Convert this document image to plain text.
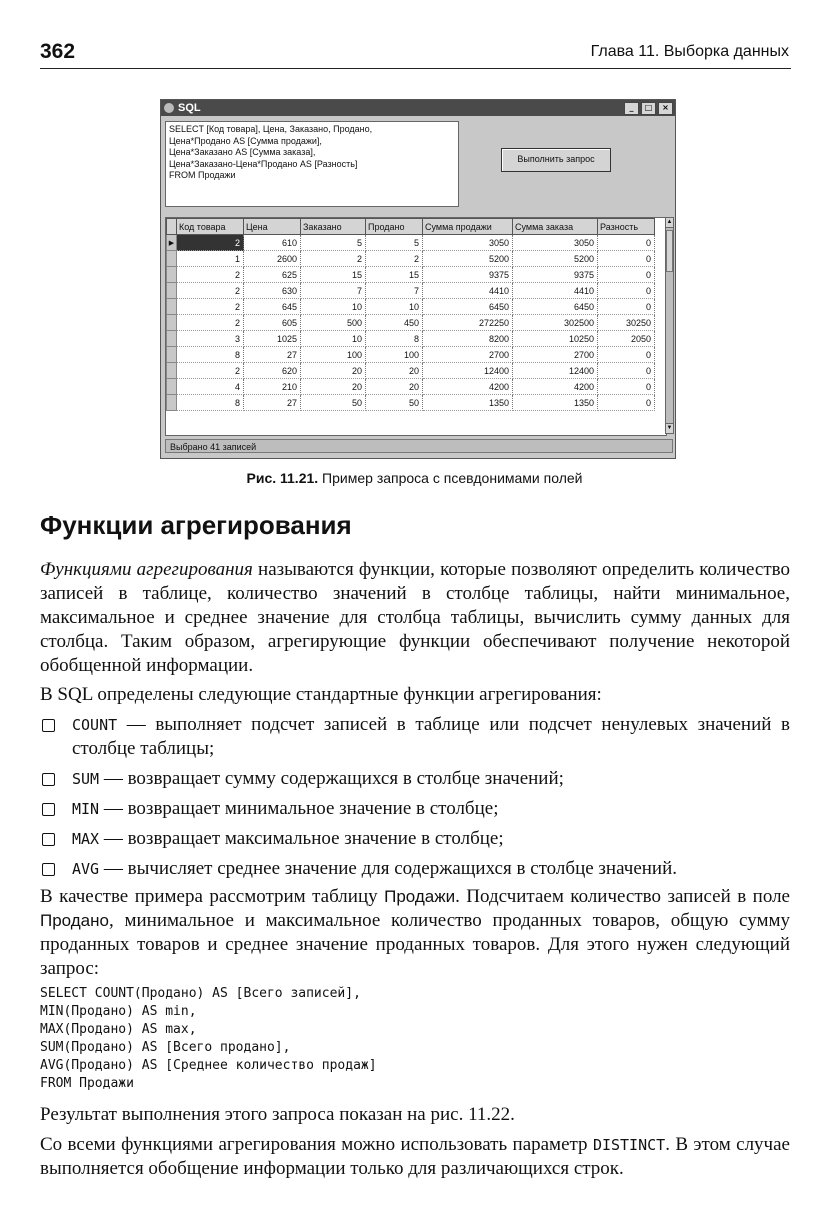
362	Глава 11. Выборка данных
SQL	_	□	×
SELECT [Код товара], Цена, Заказано, Продано,
Цена*Продано AS [Сумма продажи],
Цена*Заказано AS [Сумма заказа],
Цена*Заказано-Цена*Продано AS [Разность]
FROM Продажи
Выполнить запрос
	Код товара	Цена	Заказано	Продано	Сумма продажи	Сумма заказа	Разность
▶	2	610	5	5	3050	3050	0
	1	2600	2	2	5200	5200	0
	2	625	15	15	9375	9375	0
	2	630	7	7	4410	4410	0
	2	645	10	10	6450	6450	0
	2	605	500	450	272250	302500	30250
	3	1025	10	8	8200	10250	2050
	8	27	100	100	2700	2700	0
	2	620	20	20	12400	12400	0
	4	210	20	20	4200	4200	0
	8	27	50	50	1350	1350	0
▲
▼
Выбрано 41 записей
Рис. 11.21. Пример запроса с псевдонимами полей
Функции агрегирования

Функциями агрегирования называются функции, которые позволяют определить количество записей в таблице, количество значений в столбце таблицы, найти минимальное, максимальное и среднее значение для столбца таблицы, вычислить сумму данных для столбца. Таким образом, агрегирующие функции обеспечивают получение некоторой обобщенной информации.

В SQL определены следующие стандартные функции агрегирования:

COUNT — выполняет подсчет записей в таблице или подсчет ненулевых значений в столбце таблицы;
SUM — возвращает сумму содержащихся в столбце значений;
MIN — возвращает минимальное значение в столбце;
MAX — возвращает максимальное значение в столбце;
AVG — вычисляет среднее значение для содержащихся в столбце значений.

В качестве примера рассмотрим таблицу Продажи. Подсчитаем количество записей в поле Продано, минимальное и максимальное количество проданных товаров, общую сумму проданных товаров и среднее значение проданных товаров. Для этого нужен следующий запрос:

SELECT COUNT(Продано) AS [Всего записей],
MIN(Продано) AS min,
MAX(Продано) AS max,
SUM(Продано) AS [Всего продано],
AVG(Продано) AS [Среднее количество продаж]
FROM Продажи

Результат выполнения этого запроса показан на рис. 11.22.

Со всеми функциями агрегирования можно использовать параметр DISTINCT. В этом случае выполняется обобщение информации только для различающихся строк.
